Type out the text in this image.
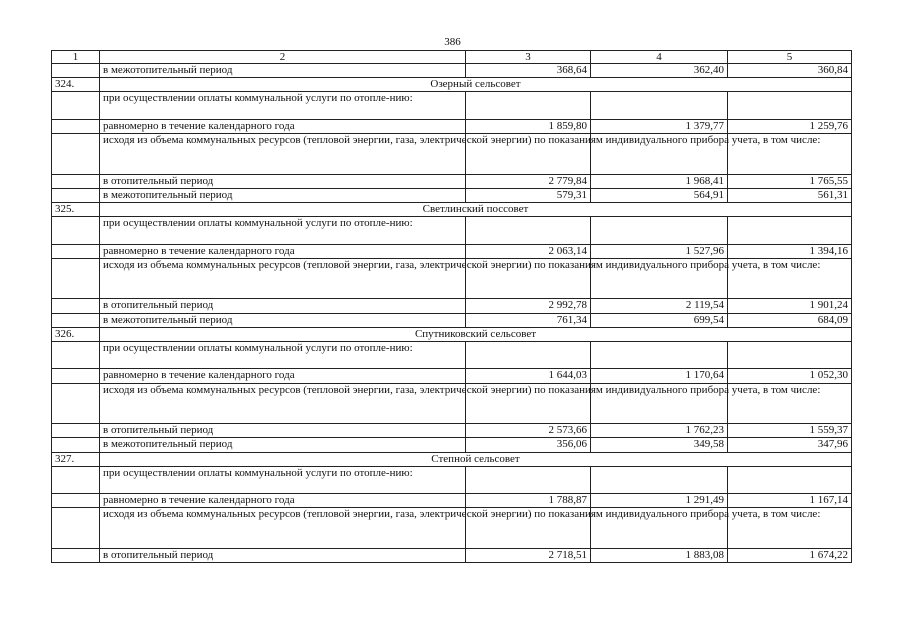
386
1	2	3	4	5
	в межотопительный период	368,64	362,40	360,84
324.	Озерный сельсовет			
	при осуществлении оплаты коммунальной услуги по отопле-нию:			
	равномерно в течение календарного года	1 859,80	1 379,77	1 259,76
	исходя из объема коммунальных ресурсов (тепловой энергии, газа, электрической энергии) по показаниям индивидуального прибора учета, в том числе:			
	в отопительный период	2 779,84	1 968,41	1 765,55
	в межотопительный период	579,31	564,91	561,31
325.	Светлинский поссовет			
	при осуществлении оплаты коммунальной услуги по отопле-нию:			
	равномерно в течение календарного года	2 063,14	1 527,96	1 394,16
	исходя из объема коммунальных ресурсов (тепловой энергии, газа, электрической энергии) по показаниям индивидуального прибора учета, в том числе:			
	в отопительный период	2 992,78	2 119,54	1 901,24
	в межотопительный период	761,34	699,54	684,09
326.	Спутниковский сельсовет			
	при осуществлении оплаты коммунальной услуги по отопле-нию:			
	равномерно в течение календарного года	1 644,03	1 170,64	1 052,30
	исходя из объема коммунальных ресурсов (тепловой энергии, газа, электрической энергии) по показаниям индивидуального прибора учета, в том числе:			
	в отопительный период	2 573,66	1 762,23	1 559,37
	в межотопительный период	356,06	349,58	347,96
327.	Степной сельсовет			
	при осуществлении оплаты коммунальной услуги по отопле-нию:			
	равномерно в течение календарного года	1 788,87	1 291,49	1 167,14
	исходя из объема коммунальных ресурсов (тепловой энергии, газа, электрической энергии) по показаниям индивидуального прибора учета, в том числе:			
	в отопительный период	2 718,51	1 883,08	1 674,22
